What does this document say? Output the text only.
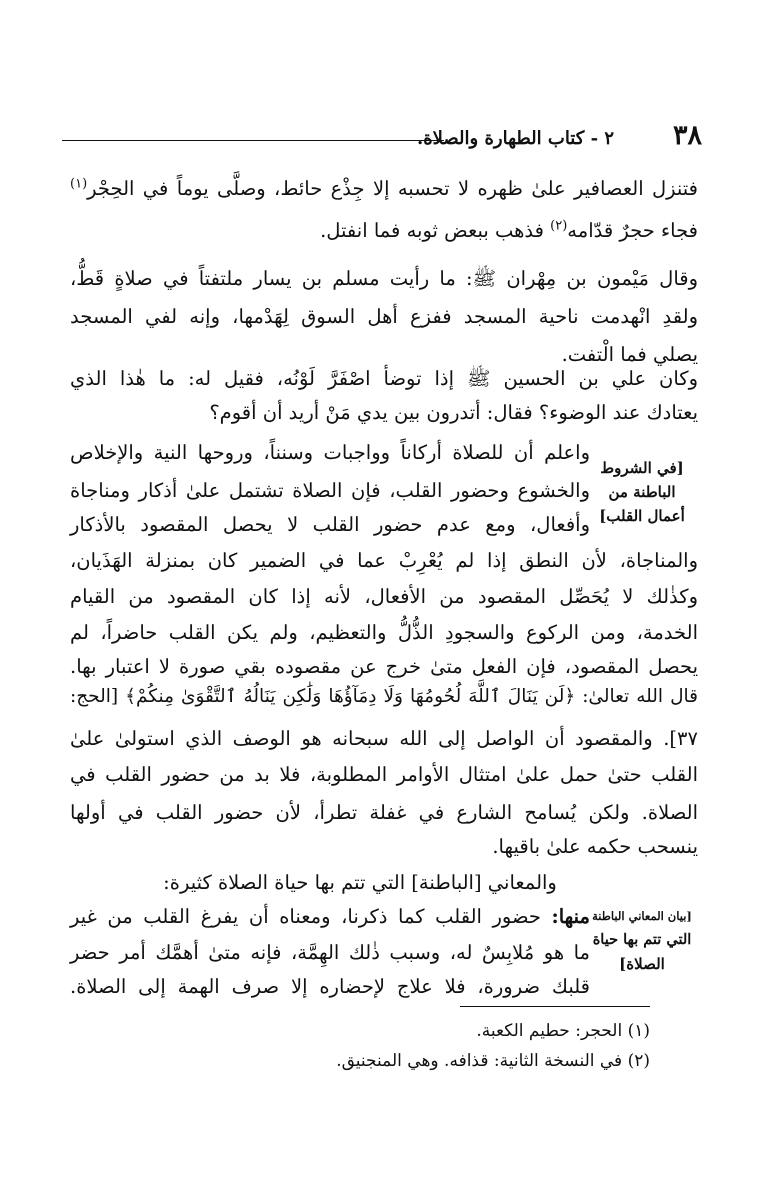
٣٨
٢ - كتاب الطهارة والصلاة.
فتنزل العصافير علىٰ ظهره لا تحسبه إلا جِذْع حائط، وصلَّى يوماً في الحِجْر$^{(١)}$
فجاء حجرٌ قدّامه$^{(٢)}$ فذهب ببعض ثوبه فما انفتل.
وقال مَيْمون بن مِهْران ﷺ: ما رأيت مسلم بن يسار ملتفتاً في صلاةٍ قَطُّ،
ولقدِ انْهدمت ناحية المسجد ففزع أهل السوق لِهَدْمها، وإنه لفي المسجد
يصلي فما الْتفت.
وكان علي بن الحسين ﷺ إذا توضأ اصْفَرَّ لَوْنُه، فقيل له: ما هٰذا الذي
يعتادك عند الوضوء؟ فقال: أتدرون بين يدي مَنْ أريد أن أقوم؟
[في الشروط
الباطنة من
أعمال القلب]
واعلم أن للصلاة أركاناً وواجبات وسنناً، وروحها النية والإخلاص
والخشوع وحضور القلب، فإن الصلاة تشتمل علىٰ أذكار ومناجاة
وأفعال، ومع عدم حضور القلب لا يحصل المقصود بالأذكار
والمناجاة، لأن النطق إذا لم يُعْرِبْ عما في الضمير كان بمنزلة الهَذَيان،
وكذٰلك لا يُحَصِّل المقصود من الأفعال، لأنه إذا كان المقصود من القيام
الخدمة، ومن الركوع والسجودِ الذُّلُّ والتعظيم، ولم يكن القلب حاضراً، لم
يحصل المقصود، فإن الفعل متىٰ خرج عن مقصوده بقي صورة لا اعتبار بها.
قال الله تعالىٰ: ﴿لَن يَنَالَ ٱللَّهَ لُحُومُهَا وَلَا دِمَآؤُهَا وَلَٰكِن يَنَالُهُ ٱلتَّقْوَىٰ مِنكُمْ﴾ [الحج:
٣٧]. والمقصود أن الواصل إلى الله سبحانه هو الوصف الذي استولىٰ علىٰ
القلب حتىٰ حمل علىٰ امتثال الأوامر المطلوبة، فلا بد من حضور القلب في
الصلاة. ولكن يُسامح الشارع في غفلة تطرأ، لأن حضور القلب في أولها
ينسحب حكمه علىٰ باقيها.
والمعاني [الباطنة] التي تتم بها حياة الصلاة كثيرة:
[بيان المعاني الباطنة
التي تتم بها حياة
الصلاة]
منها: حضور القلب كما ذكرنا، ومعناه أن يفرغ القلب من غير
ما هو مُلابِسٌ له، وسبب ذٰلك الهِمَّة، فإنه متىٰ أهمَّك أمر حضر
قلبك ضرورة، فلا علاج لإحضاره إلا صرف الهمة إلى الصلاة.
(١) الحجر: حطيم الكعبة.
(٢) في النسخة الثانية: قذافه. وهي المنجنيق.
